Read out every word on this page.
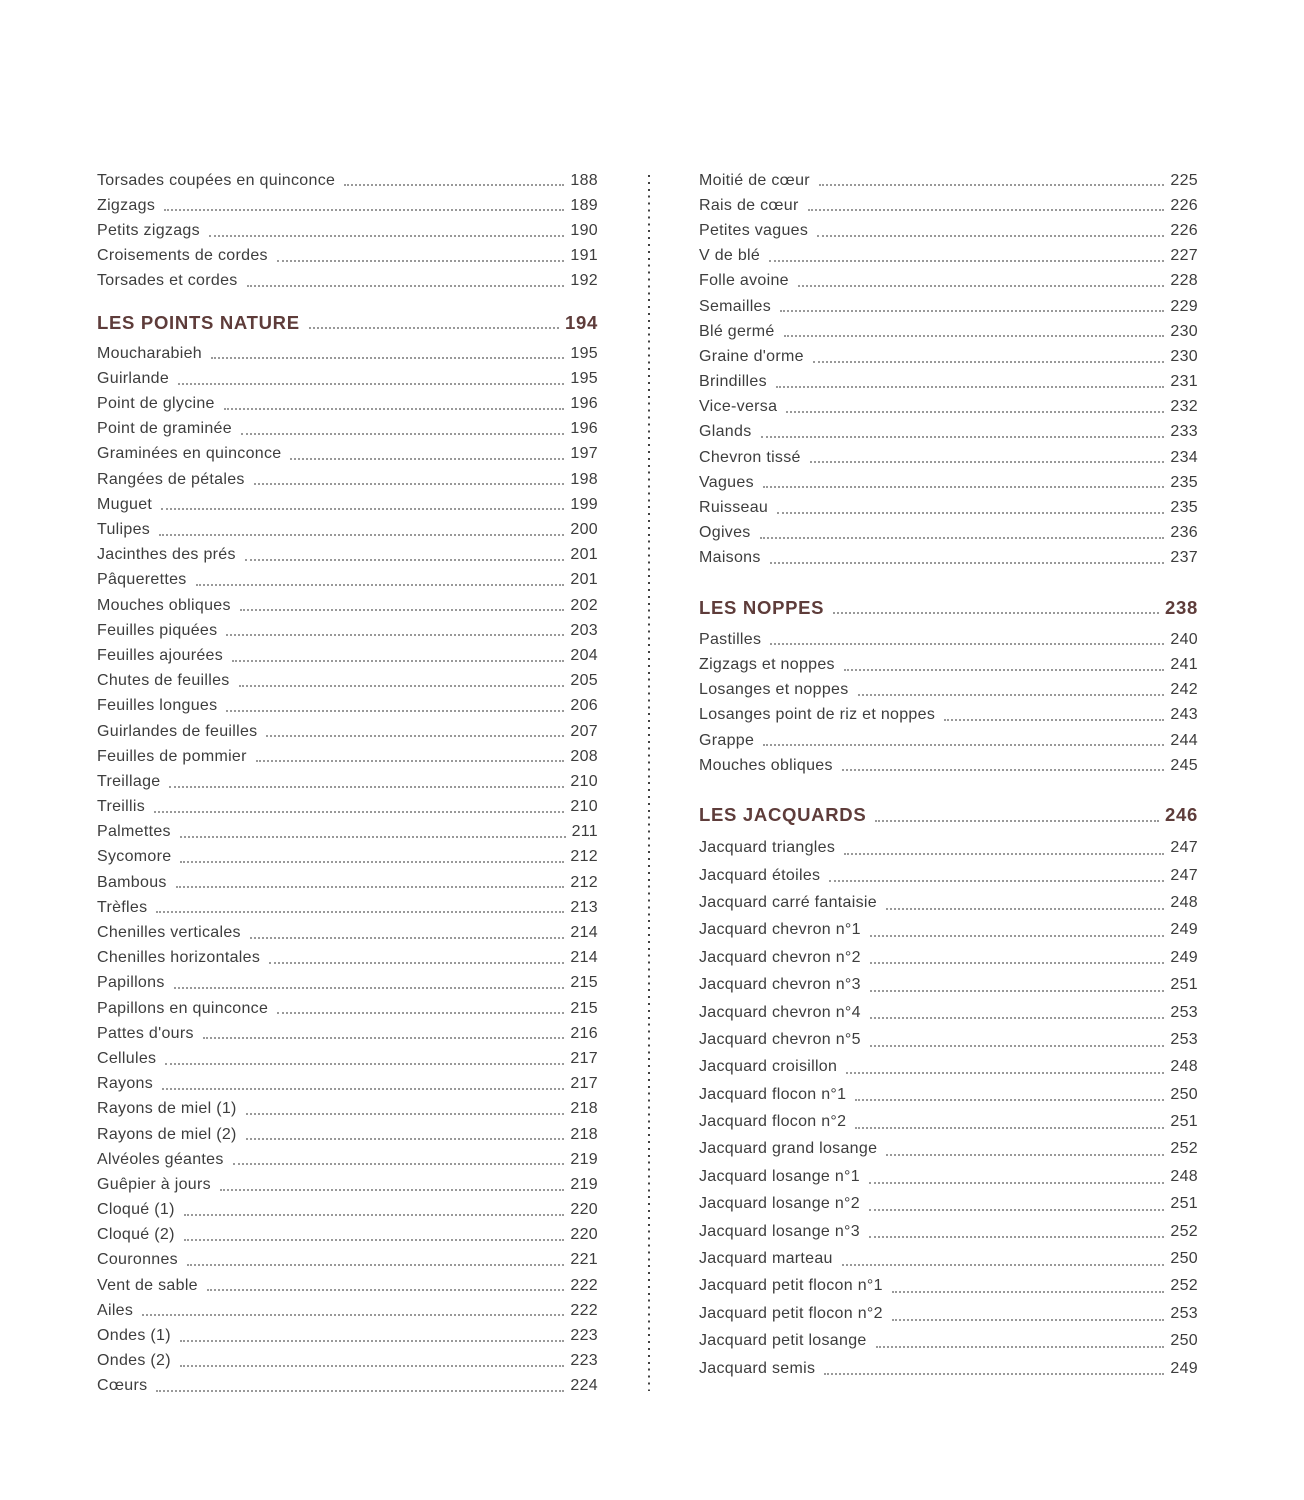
Torsades coupées en quinconce	188
Zigzags	189
Petits zigzags	190
Croisements de cordes	191
Torsades et cordes	192
LES POINTS NATURE	194
Moucharabieh	195
Guirlande	195
Point de glycine	196
Point de graminée	196
Graminées en quinconce	197
Rangées de pétales	198
Muguet	199
Tulipes	200
Jacinthes des prés	201
Pâquerettes	201
Mouches obliques	202
Feuilles piquées	203
Feuilles ajourées	204
Chutes de feuilles	205
Feuilles longues	206
Guirlandes de feuilles	207
Feuilles de pommier	208
Treillage	210
Treillis	210
Palmettes	211
Sycomore	212
Bambous	212
Trèfles	213
Chenilles verticales	214
Chenilles horizontales	214
Papillons	215
Papillons en quinconce	215
Pattes d'ours	216
Cellules	217
Rayons	217
Rayons de miel (1)	218
Rayons de miel (2)	218
Alvéoles géantes	219
Guêpier à jours	219
Cloqué (1)	220
Cloqué (2)	220
Couronnes	221
Vent de sable	222
Ailes	222
Ondes (1)	223
Ondes (2)	223
Cœurs	224
Moitié de cœur	225
Rais de cœur	226
Petites vagues	226
V de blé	227
Folle avoine	228
Semailles	229
Blé germé	230
Graine d'orme	230
Brindilles	231
Vice-versa	232
Glands	233
Chevron tissé	234
Vagues	235
Ruisseau	235
Ogives	236
Maisons	237
LES NOPPES	238
Pastilles	240
Zigzags et noppes	241
Losanges et noppes	242
Losanges point de riz et noppes	243
Grappe	244
Mouches obliques	245
LES JACQUARDS	246
Jacquard triangles	247
Jacquard étoiles	247
Jacquard carré fantaisie	248
Jacquard chevron n°1	249
Jacquard chevron n°2	249
Jacquard chevron n°3	251
Jacquard chevron n°4	253
Jacquard chevron n°5	253
Jacquard croisillon	248
Jacquard flocon n°1	250
Jacquard flocon n°2	251
Jacquard grand losange	252
Jacquard losange n°1	248
Jacquard losange n°2	251
Jacquard losange n°3	252
Jacquard marteau	250
Jacquard petit flocon n°1	252
Jacquard petit flocon n°2	253
Jacquard petit losange	250
Jacquard semis	249
